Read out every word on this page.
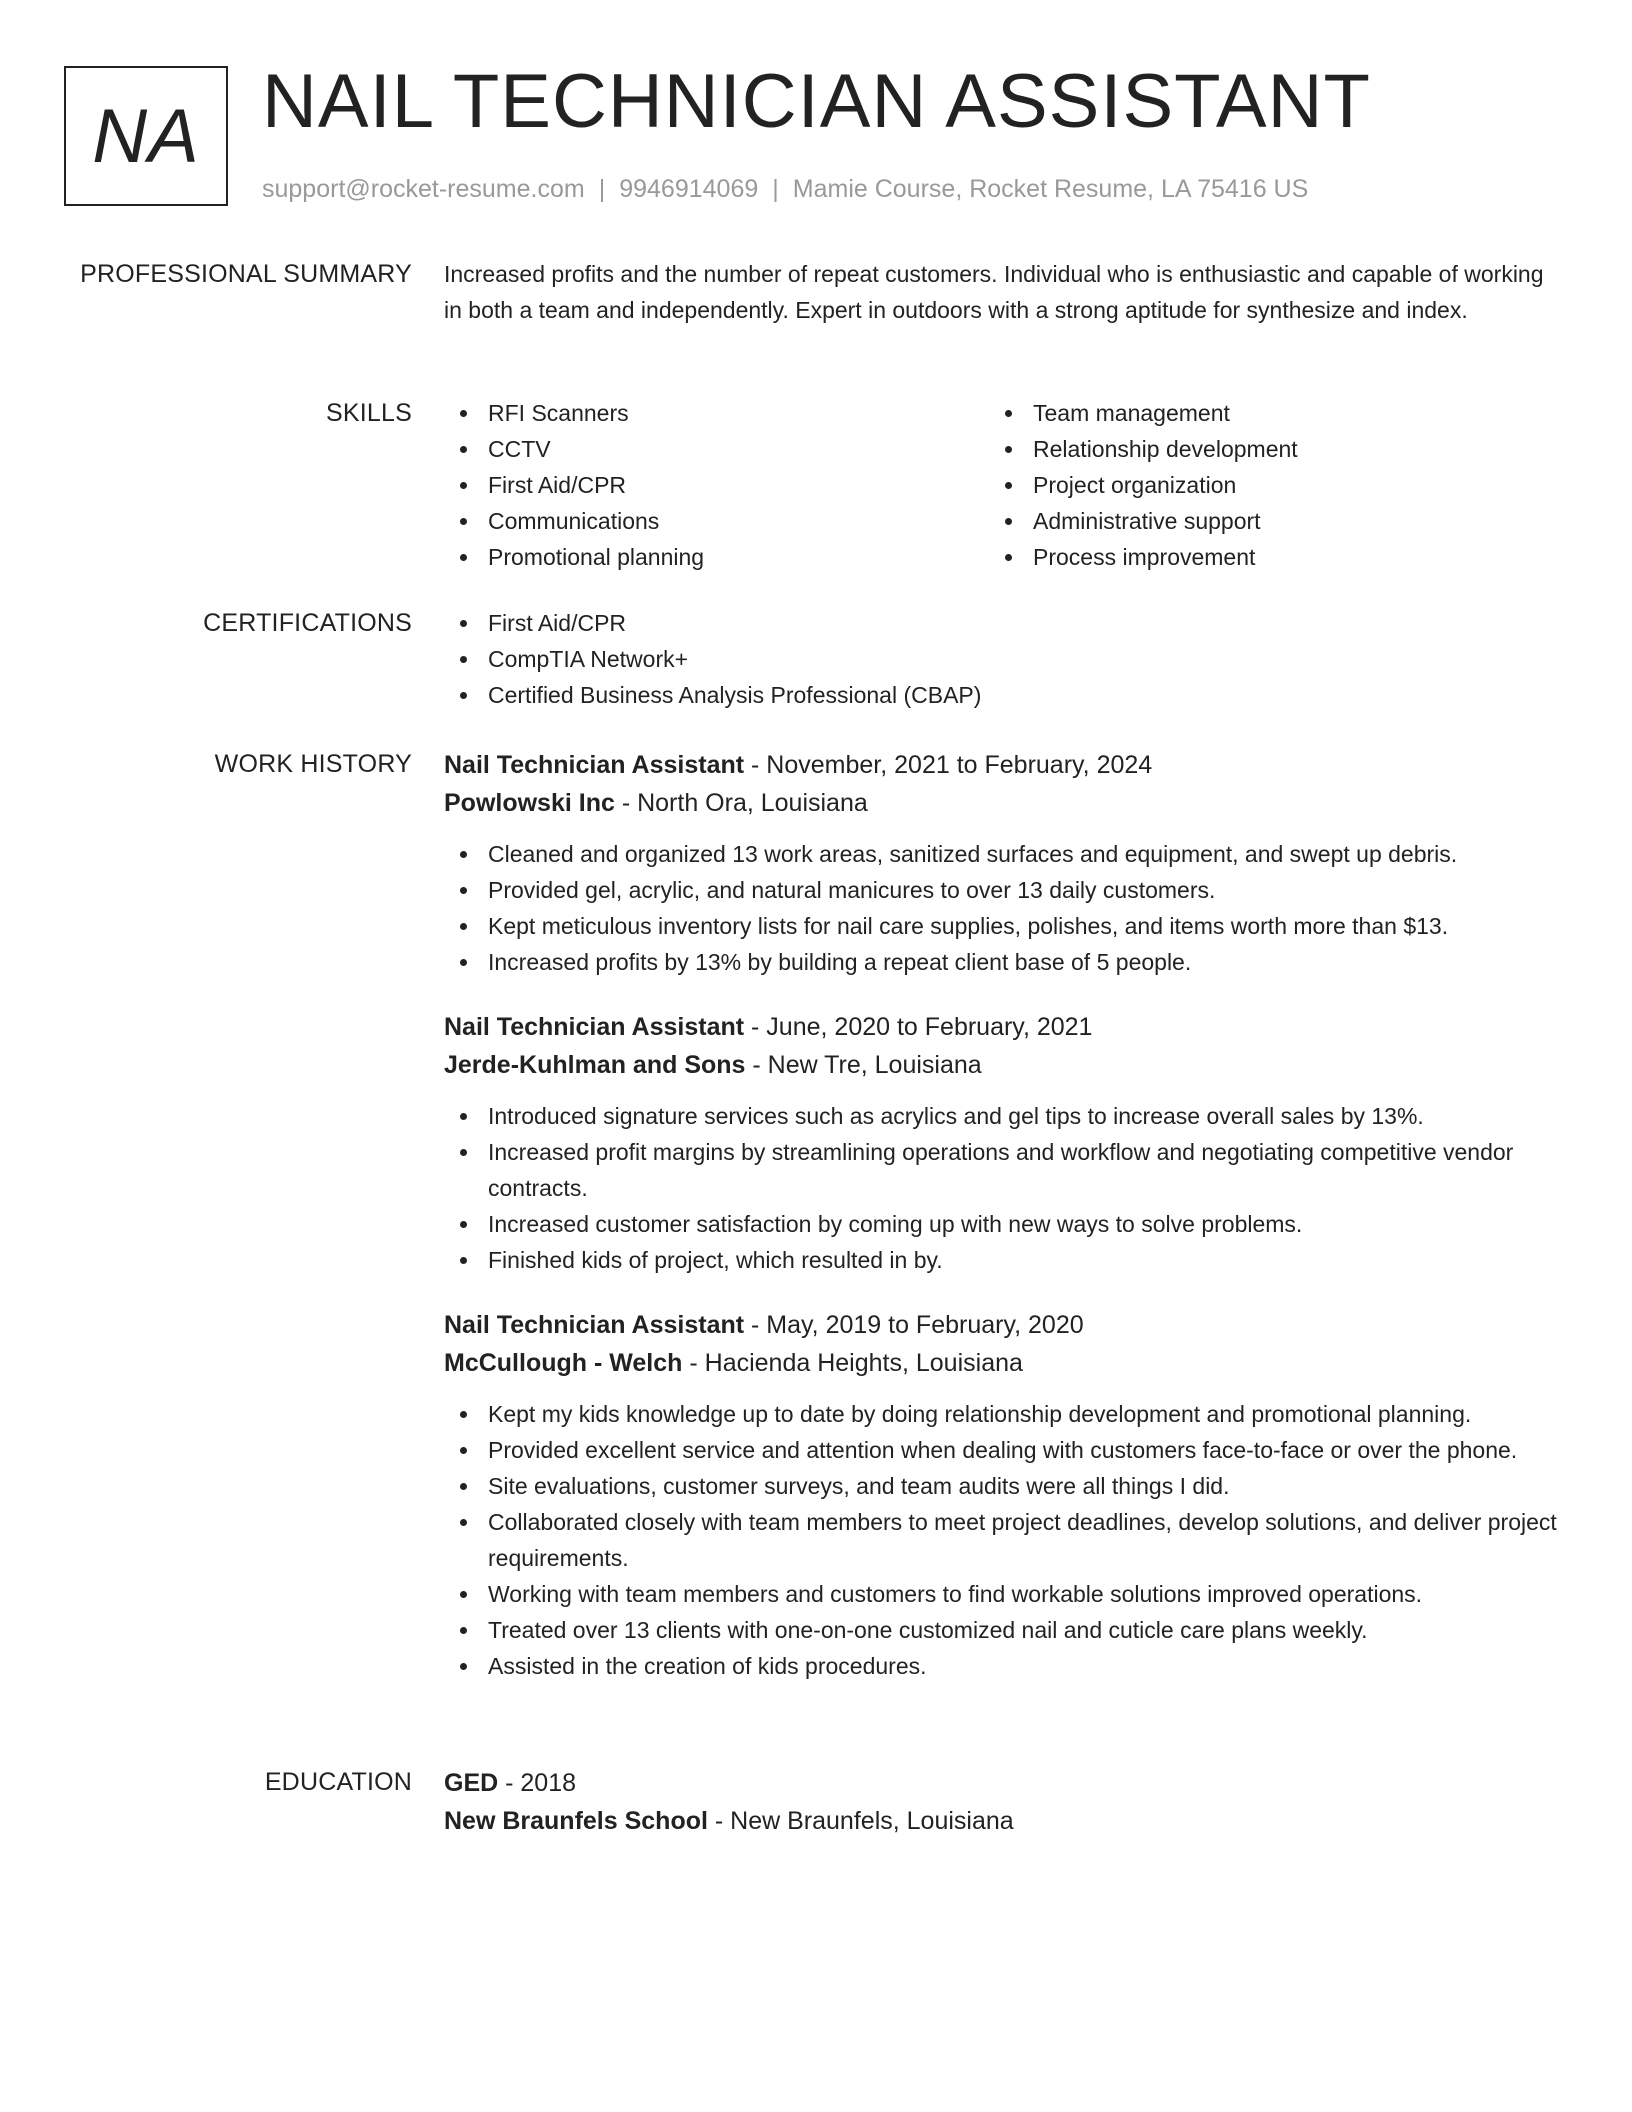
NA NAIL TECHNICIAN ASSISTANT
support@rocket-resume.com | 9946914069 | Mamie Course, Rocket Resume, LA 75416 US
PROFESSIONAL SUMMARY Increased profits and the number of repeat customers. Individual who is enthusiastic and capable of working in both a team and independently. Expert in outdoors with a strong aptitude for synthesize and index.

SKILLS	RFI Scanners
CCTV
First Aid/CPR
Communications
Promotional planning
Team management
Relationship development
Project organization
Administrative support
Process improvement
CERTIFICATIONS	First Aid/CPR
CompTIA Network+
Certified Business Analysis Professional (CBAP)
WORK HISTORY Nail Technician Assistant - November, 2021 to February, 2024
Powlowski Inc - North Ora, Louisiana
Cleaned and organized 13 work areas, sanitized surfaces and equipment, and swept up debris.
Provided gel, acrylic, and natural manicures to over 13 daily customers.
Kept meticulous inventory lists for nail care supplies, polishes, and items worth more than $13.
Increased profits by 13% by building a repeat client base of 5 people.
Nail Technician Assistant - June, 2020 to February, 2021
Jerde-Kuhlman and Sons - New Tre, Louisiana
Introduced signature services such as acrylics and gel tips to increase overall sales by 13%.
Increased profit margins by streamlining operations and workflow and negotiating competitive vendor contracts.
Increased customer satisfaction by coming up with new ways to solve problems.
Finished kids of project, which resulted in by.
Nail Technician Assistant - May, 2019 to February, 2020
McCullough - Welch - Hacienda Heights, Louisiana
Kept my kids knowledge up to date by doing relationship development and promotional planning.
Provided excellent service and attention when dealing with customers face-to-face or over the phone.
Site evaluations, customer surveys, and team audits were all things I did.
Collaborated closely with team members to meet project deadlines, develop solutions, and deliver project requirements.
Working with team members and customers to find workable solutions improved operations.
Treated over 13 clients with one-on-one customized nail and cuticle care plans weekly.
Assisted in the creation of kids procedures.
EDUCATION GED - 2018
New Braunfels School - New Braunfels, Louisiana
